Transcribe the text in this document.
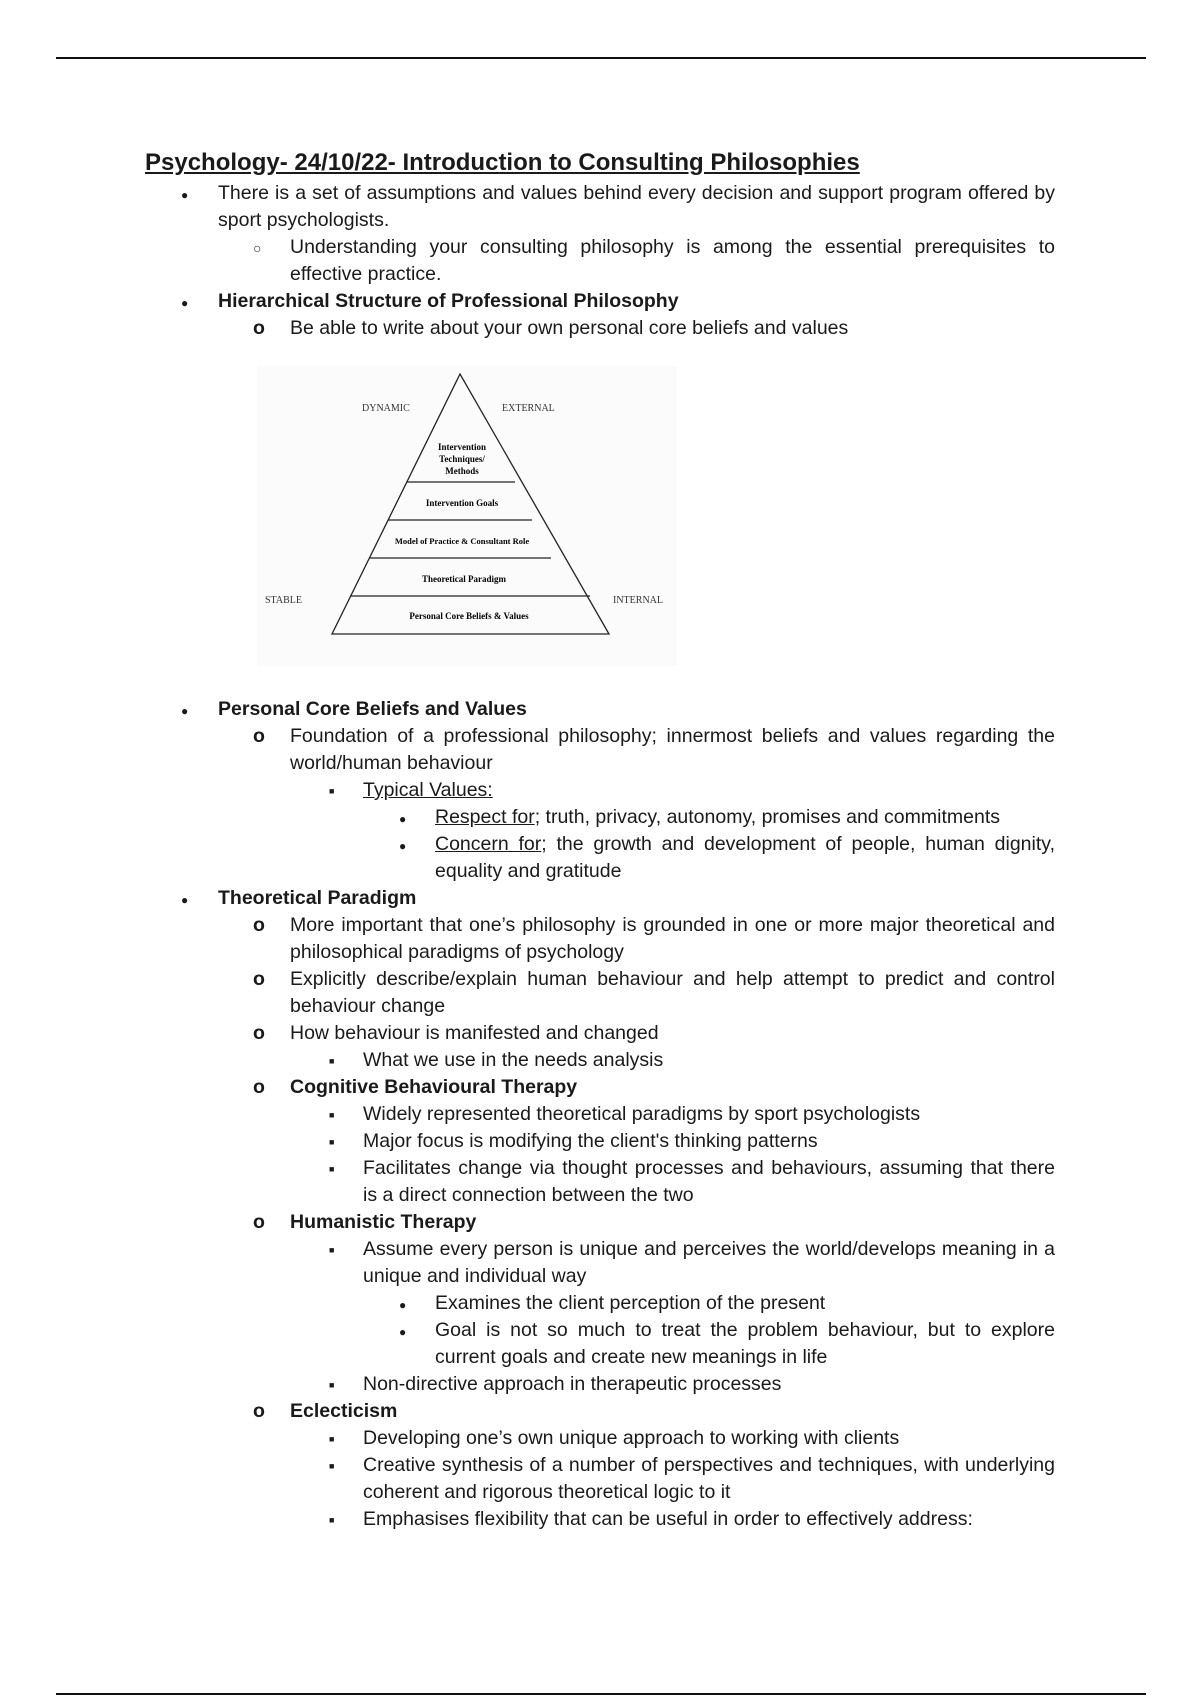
Psychology- 24/10/22- Introduction to Consulting Philosophies
●
There is a set of assumptions and values behind every decision and support program offered by sport psychologists.
○
Understanding your consulting philosophy is among the essential prerequisites to effective practice.
●
Hierarchical Structure of Professional Philosophy
o
Be able to write about your own personal core beliefs and values
DYNAMIC	EXTERNAL
STABLE	INTERNAL
Intervention
Techniques/
Methods
Intervention Goals
Model of Practice & Consultant Role
Theoretical Paradigm
Personal Core Beliefs & Values
●
Personal Core Beliefs and Values
o
Foundation of a professional philosophy; innermost beliefs and values regarding the world/human behaviour
■
Typical Values:
●
Respect for; truth, privacy, autonomy, promises and commitments
●
Concern for; the growth and development of people, human dignity, equality and gratitude
●
Theoretical Paradigm
o
More important that one’s philosophy is grounded in one or more major theoretical and philosophical paradigms of psychology
o
Explicitly describe/explain human behaviour and help attempt to predict and control behaviour change
o
How behaviour is manifested and changed
■
What we use in the needs analysis
o
Cognitive Behavioural Therapy
■
Widely represented theoretical paradigms by sport psychologists
■
Major focus is modifying the client's thinking patterns
■
Facilitates change via thought processes and behaviours, assuming that there is a direct connection between the two
o
Humanistic Therapy
■
Assume every person is unique and perceives the world/develops meaning in a unique and individual way
●
Examines the client perception of the present
●
Goal is not so much to treat the problem behaviour, but to explore current goals and create new meanings in life
■
Non-directive approach in therapeutic processes
o
Eclecticism
■
Developing one’s own unique approach to working with clients
■
Creative synthesis of a number of perspectives and techniques, with underlying coherent and rigorous theoretical logic to it
■
Emphasises flexibility that can be useful in order to effectively address:
